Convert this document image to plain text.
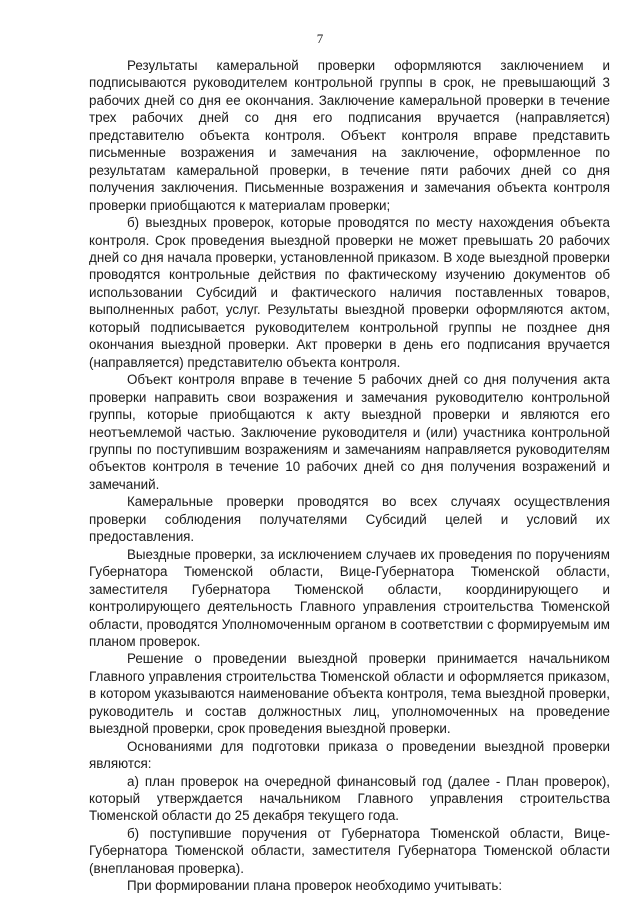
7

Результаты камеральной проверки оформляются заключением и подписываются руководителем контрольной группы в срок, не превышающий 3 рабочих дней со дня ее окончания. Заключение камеральной проверки в течение трех рабочих дней со дня его подписания вручается (направляется) представителю объекта контроля. Объект контроля вправе представить письменные возражения и замечания на заключение, оформленное по результатам камеральной проверки, в течение пяти рабочих дней со дня получения заключения. Письменные возражения и замечания объекта контроля проверки приобщаются к материалам проверки;

б) выездных проверок, которые проводятся по месту нахождения объекта контроля. Срок проведения выездной проверки не может превышать 20 рабочих дней со дня начала проверки, установленной приказом. В ходе выездной проверки проводятся контрольные действия по фактическому изучению документов об использовании Субсидий и фактического наличия поставленных товаров, выполненных работ, услуг. Результаты выездной проверки оформляются актом, который подписывается руководителем контрольной группы не позднее дня окончания выездной проверки. Акт проверки в день его подписания вручается (направляется) представителю объекта контроля.

Объект контроля вправе в течение 5 рабочих дней со дня получения акта проверки направить свои возражения и замечания руководителю контрольной группы, которые приобщаются к акту выездной проверки и являются его неотъемлемой частью. Заключение руководителя и (или) участника контрольной группы по поступившим возражениям и замечаниям направляется руководителям объектов контроля в течение 10 рабочих дней со дня получения возражений и замечаний.

Камеральные проверки проводятся во всех случаях осуществления проверки соблюдения получателями Субсидий целей и условий их предоставления.

Выездные проверки, за исключением случаев их проведения по поручениям Губернатора Тюменской области, Вице-Губернатора Тюменской области, заместителя Губернатора Тюменской области, координирующего и контролирующего деятельность Главного управления строительства Тюменской области, проводятся Уполномоченным органом в соответствии с формируемым им планом проверок.

Решение о проведении выездной проверки принимается начальником Главного управления строительства Тюменской области и оформляется приказом, в котором указываются наименование объекта контроля, тема выездной проверки, руководитель и состав должностных лиц, уполномоченных на проведение выездной проверки, срок проведения выездной проверки.

Основаниями для подготовки приказа о проведении выездной проверки являются:

а) план проверок на очередной финансовый год (далее - План проверок), который утверждается начальником Главного управления строительства Тюменской области до 25 декабря текущего года.

б) поступившие поручения от Губернатора Тюменской области, Вице-Губернатора Тюменской области, заместителя Губернатора Тюменской области (внеплановая проверка).

При формировании плана проверок необходимо учитывать:
